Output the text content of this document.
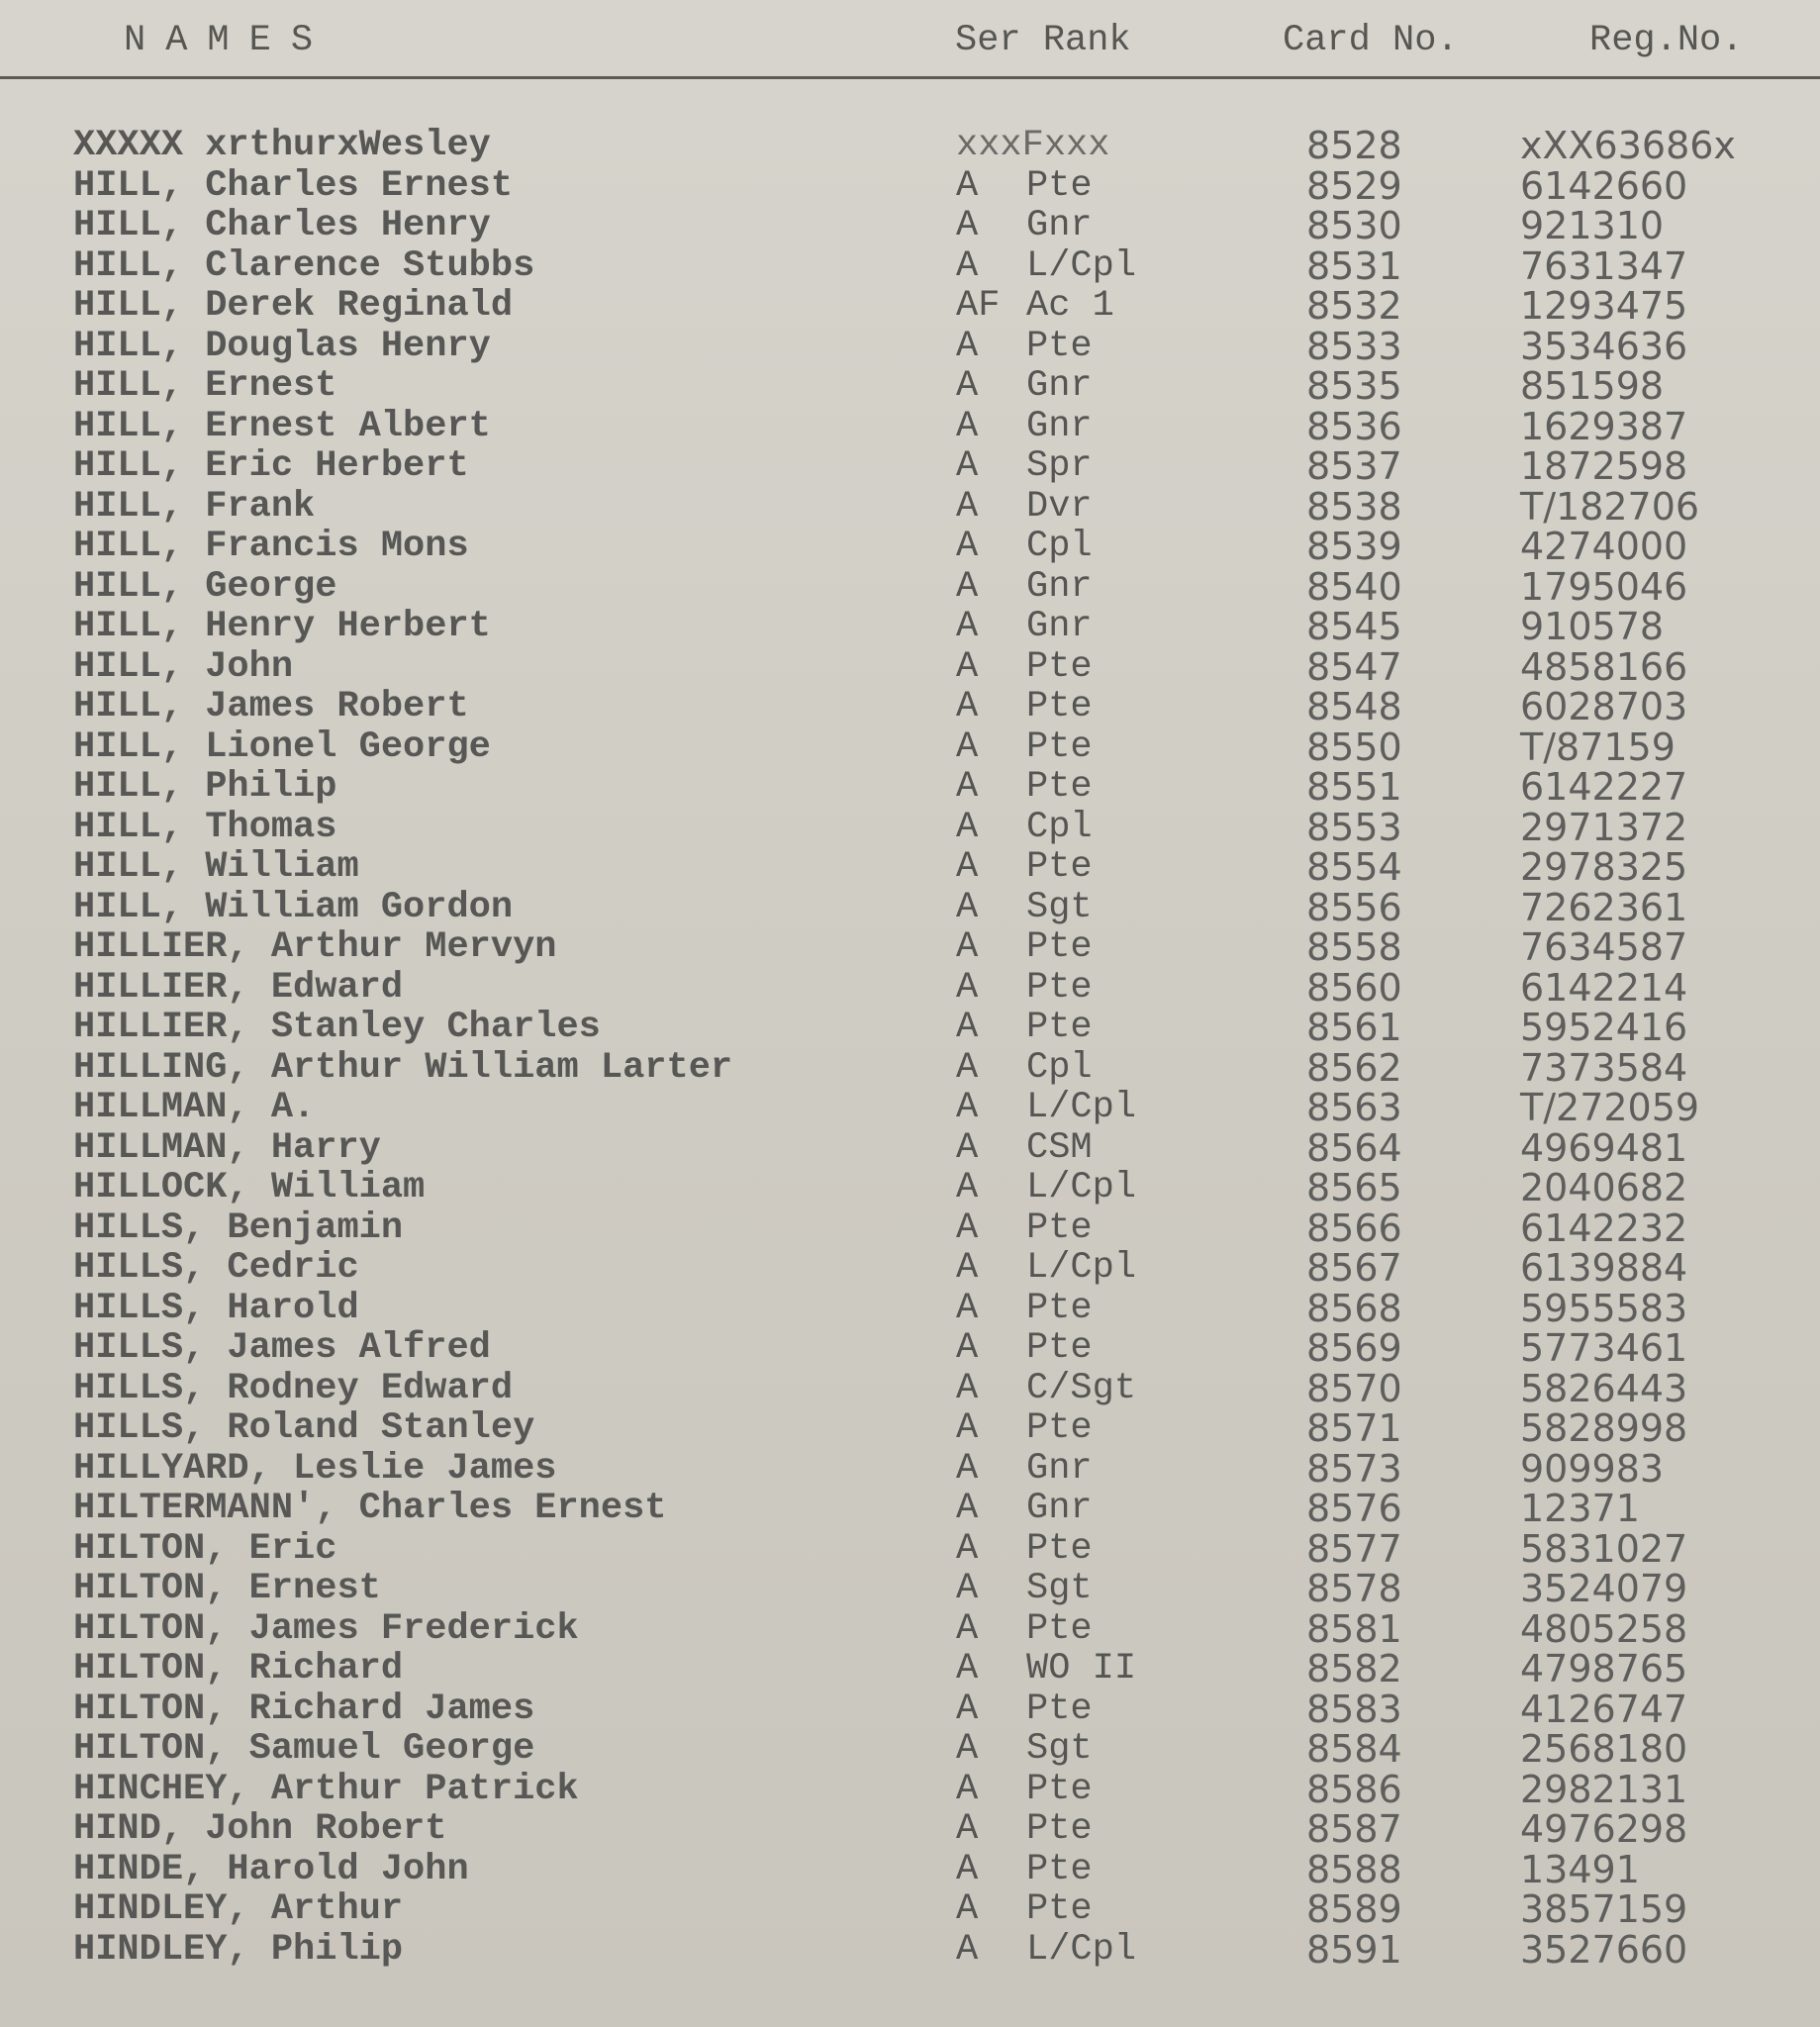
NAMES	Ser Rank	Card No.	Reg.No.
XXXXX xrthurxWesley	xxxFxxx	8528	xXX63686x
HILL, Charles Ernest	A Pte	8529	6142660
HILL, Charles Henry	A Gnr	8530	921310
HILL, Clarence Stubbs	A L/Cpl	8531	7631347
HILL, Derek Reginald	AF Ac 1	8532	1293475
HILL, Douglas Henry	A Pte	8533	3534636
HILL, Ernest	A Gnr	8535	851598
HILL, Ernest Albert	A Gnr	8536	1629387
HILL, Eric Herbert	A Spr	8537	1872598
HILL, Frank	A Dvr	8538	T/182706
HILL, Francis Mons	A Cpl	8539	4274000
HILL, George	A Gnr	8540	1795046
HILL, Henry Herbert	A Gnr	8545	910578
HILL, John	A Pte	8547	4858166
HILL, James Robert	A Pte	8548	6028703
HILL, Lionel George	A Pte	8550	T/87159
HILL, Philip	A Pte	8551	6142227
HILL, Thomas	A Cpl	8553	2971372
HILL, William	A Pte	8554	2978325
HILL, William Gordon	A Sgt	8556	7262361
HILLIER, Arthur Mervyn	A Pte	8558	7634587
HILLIER, Edward	A Pte	8560	6142214
HILLIER, Stanley Charles	A Pte	8561	5952416
HILLING, Arthur William Larter	A Cpl	8562	7373584
HILLMAN, A.	A L/Cpl	8563	T/272059
HILLMAN, Harry	A CSM	8564	4969481
HILLOCK, William	A L/Cpl	8565	2040682
HILLS, Benjamin	A Pte	8566	6142232
HILLS, Cedric	A L/Cpl	8567	6139884
HILLS, Harold	A Pte	8568	5955583
HILLS, James Alfred	A Pte	8569	5773461
HILLS, Rodney Edward	A C/Sgt	8570	5826443
HILLS, Roland Stanley	A Pte	8571	5828998
HILLYARD, Leslie James	A Gnr	8573	909983
HILTERMANN', Charles Ernest	A Gnr	8576	12371
HILTON, Eric	A Pte	8577	5831027
HILTON, Ernest	A Sgt	8578	3524079
HILTON, James Frederick	A Pte	8581	4805258
HILTON, Richard	A WO II	8582	4798765
HILTON, Richard James	A Pte	8583	4126747
HILTON, Samuel George	A Sgt	8584	2568180
HINCHEY, Arthur Patrick	A Pte	8586	2982131
HIND, John Robert	A Pte	8587	4976298
HINDE, Harold John	A Pte	8588	13491
HINDLEY, Arthur	A Pte	8589	3857159
HINDLEY, Philip	A L/Cpl	8591	3527660
